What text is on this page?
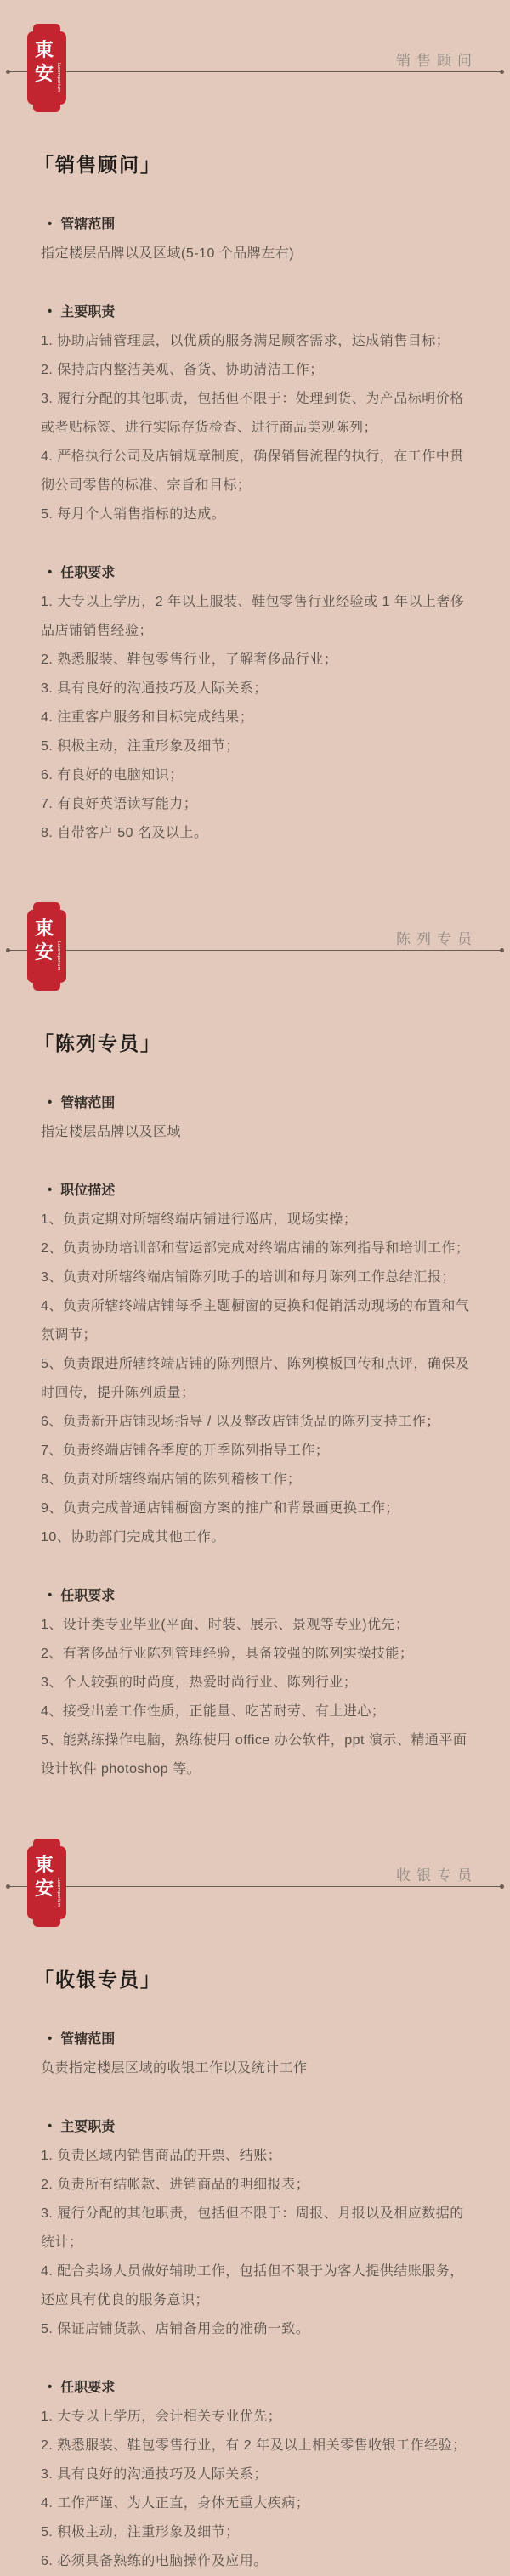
東
安 Luxemporium
销售顾问
「销售顾问」
• 管辖范围

指定楼层品牌以及区域(5-10 个品牌左右)

• 主要职责

1. 协助店铺管理层，以优质的服务满足顾客需求，达成销售目标；

2. 保持店内整洁美观、备货、协助清洁工作；

3. 履行分配的其他职责，包括但不限于：处理到货、为产品标明价格或者贴标签、进行实际存货检查、进行商品美观陈列；

4. 严格执行公司及店铺规章制度，确保销售流程的执行，在工作中贯彻公司零售的标准、宗旨和目标；

5. 每月个人销售指标的达成。

• 任职要求

1. 大专以上学历，2 年以上服装、鞋包零售行业经验或 1 年以上奢侈品店铺销售经验；

2. 熟悉服装、鞋包零售行业，了解奢侈品行业；

3. 具有良好的沟通技巧及人际关系；

4. 注重客户服务和目标完成结果；

5. 积极主动，注重形象及细节；

6. 有良好的电脑知识；

7. 有良好英语读写能力；

8. 自带客户 50 名及以上。

東
安 Luxemporium
陈列专员
「陈列专员」
• 管辖范围

指定楼层品牌以及区域

• 职位描述

1、负责定期对所辖终端店铺进行巡店，现场实操；

2、负责协助培训部和营运部完成对终端店铺的陈列指导和培训工作；

3、负责对所辖终端店铺陈列助手的培训和每月陈列工作总结汇报；

4、负责所辖终端店铺每季主题橱窗的更换和促销活动现场的布置和气氛调节；

5、负责跟进所辖终端店铺的陈列照片、陈列模板回传和点评，确保及时回传，提升陈列质量；

6、负责新开店铺现场指导 / 以及整改店铺货品的陈列支持工作；

7、负责终端店铺各季度的开季陈列指导工作；

8、负责对所辖终端店铺的陈列稽核工作；

9、负责完成普通店铺橱窗方案的推广和背景画更换工作；

10、协助部门完成其他工作。

• 任职要求

1、设计类专业毕业(平面、时装、展示、景观等专业)优先；

2、有奢侈品行业陈列管理经验，具备较强的陈列实操技能；

3、个人较强的时尚度，热爱时尚行业、陈列行业；

4、接受出差工作性质，正能量、吃苦耐劳、有上进心；

5、能熟练操作电脑，熟练使用 office 办公软件，ppt 演示、精通平面设计软件 photoshop 等。

東
安 Luxemporium
收银专员
「收银专员」
• 管辖范围

负责指定楼层区域的收银工作以及统计工作

• 主要职责

1. 负责区域内销售商品的开票、结账；

2. 负责所有结帐款、进销商品的明细报表；

3. 履行分配的其他职责，包括但不限于：周报、月报以及相应数据的统计；

4. 配合卖场人员做好辅助工作，包括但不限于为客人提供结账服务，还应具有优良的服务意识；

5. 保证店铺货款、店铺备用金的准确一致。

• 任职要求

1. 大专以上学历，会计相关专业优先；

2. 熟悉服装、鞋包零售行业，有 2 年及以上相关零售收银工作经验；

3. 具有良好的沟通技巧及人际关系；

4. 工作严谨、为人正直，身体无重大疾病；

5. 积极主动，注重形象及细节；

6. 必须具备熟练的电脑操作及应用。
